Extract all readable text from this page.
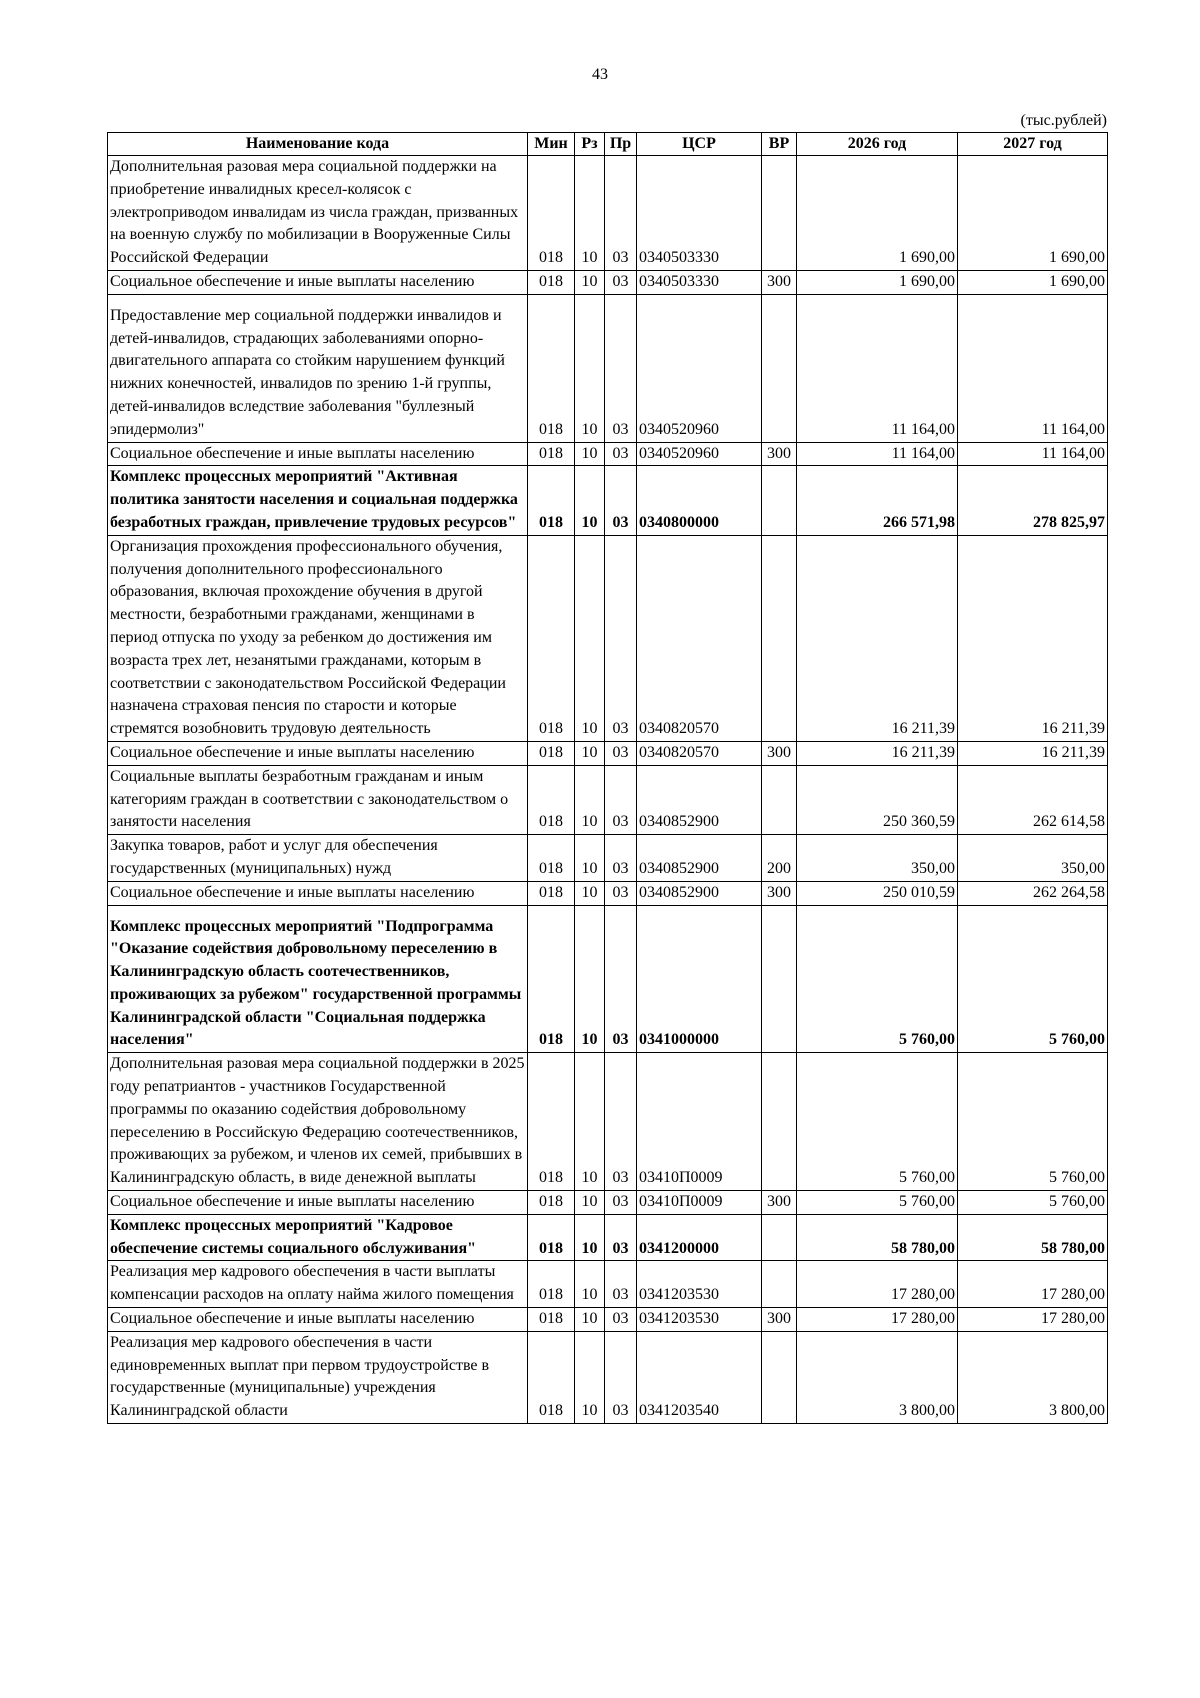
43
(тыс.рублей)
Наименование кода	Мин	Рз	Пр	ЦСР	ВР	2026 год	2027 год
Дополнительная разовая мера социальной поддержки на приобретение инвалидных кресел-колясок с электроприводом инвалидам из числа граждан, призванных на военную службу по мобилизации в Вооруженные Силы Российской Федерации	018	10	03	0340503330		1 690,00	1 690,00
Социальное обеспечение и иные выплаты населению	018	10	03	0340503330	300	1 690,00	1 690,00
Предоставление мер социальной поддержки инвалидов и детей-инвалидов, страдающих заболеваниями опорно-двигательного аппарата со стойким нарушением функций нижних конечностей, инвалидов по зрению 1-й группы, детей-инвалидов вследствие заболевания "буллезный эпидермолиз"	018	10	03	0340520960		11 164,00	11 164,00
Социальное обеспечение и иные выплаты населению	018	10	03	0340520960	300	11 164,00	11 164,00
Комплекс процессных мероприятий "Активная политика занятости населения и социальная поддержка безработных граждан, привлечение трудовых ресурсов"	018	10	03	0340800000		266 571,98	278 825,97
Организация прохождения профессионального обучения, получения дополнительного профессионального образования, включая прохождение обучения в другой местности, безработными гражданами, женщинами в период отпуска по уходу за ребенком до достижения им возраста трех лет, незанятыми гражданами, которым в соответствии с законодательством Российской Федерации назначена страховая пенсия по старости и которые стремятся возобновить трудовую деятельность	018	10	03	0340820570		16 211,39	16 211,39
Социальное обеспечение и иные выплаты населению	018	10	03	0340820570	300	16 211,39	16 211,39
Социальные выплаты безработным гражданам и иным категориям граждан в соответствии с законодательством о занятости населения	018	10	03	0340852900		250 360,59	262 614,58
Закупка товаров, работ и услуг для обеспечения государственных (муниципальных) нужд	018	10	03	0340852900	200	350,00	350,00
Социальное обеспечение и иные выплаты населению	018	10	03	0340852900	300	250 010,59	262 264,58
Комплекс процессных мероприятий "Подпрограмма "Оказание содействия добровольному переселению в Калининградскую область соотечественников, проживающих за рубежом" государственной программы Калининградской области "Социальная поддержка населения"	018	10	03	0341000000		5 760,00	5 760,00
Дополнительная разовая мера социальной поддержки в 2025 году репатриантов - участников Государственной программы по оказанию содействия добровольному переселению в Российскую Федерацию соотечественников, проживающих за рубежом, и членов их семей, прибывших в Калининградскую область, в виде денежной выплаты	018	10	03	03410П0009		5 760,00	5 760,00
Социальное обеспечение и иные выплаты населению	018	10	03	03410П0009	300	5 760,00	5 760,00
Комплекс процессных мероприятий "Кадровое обеспечение системы социального обслуживания"	018	10	03	0341200000		58 780,00	58 780,00
Реализация мер кадрового обеспечения в части выплаты компенсации расходов на оплату найма жилого помещения	018	10	03	0341203530		17 280,00	17 280,00
Социальное обеспечение и иные выплаты населению	018	10	03	0341203530	300	17 280,00	17 280,00
Реализация мер кадрового обеспечения в части единовременных выплат при первом трудоустройстве в государственные (муниципальные) учреждения Калининградской области	018	10	03	0341203540		3 800,00	3 800,00
